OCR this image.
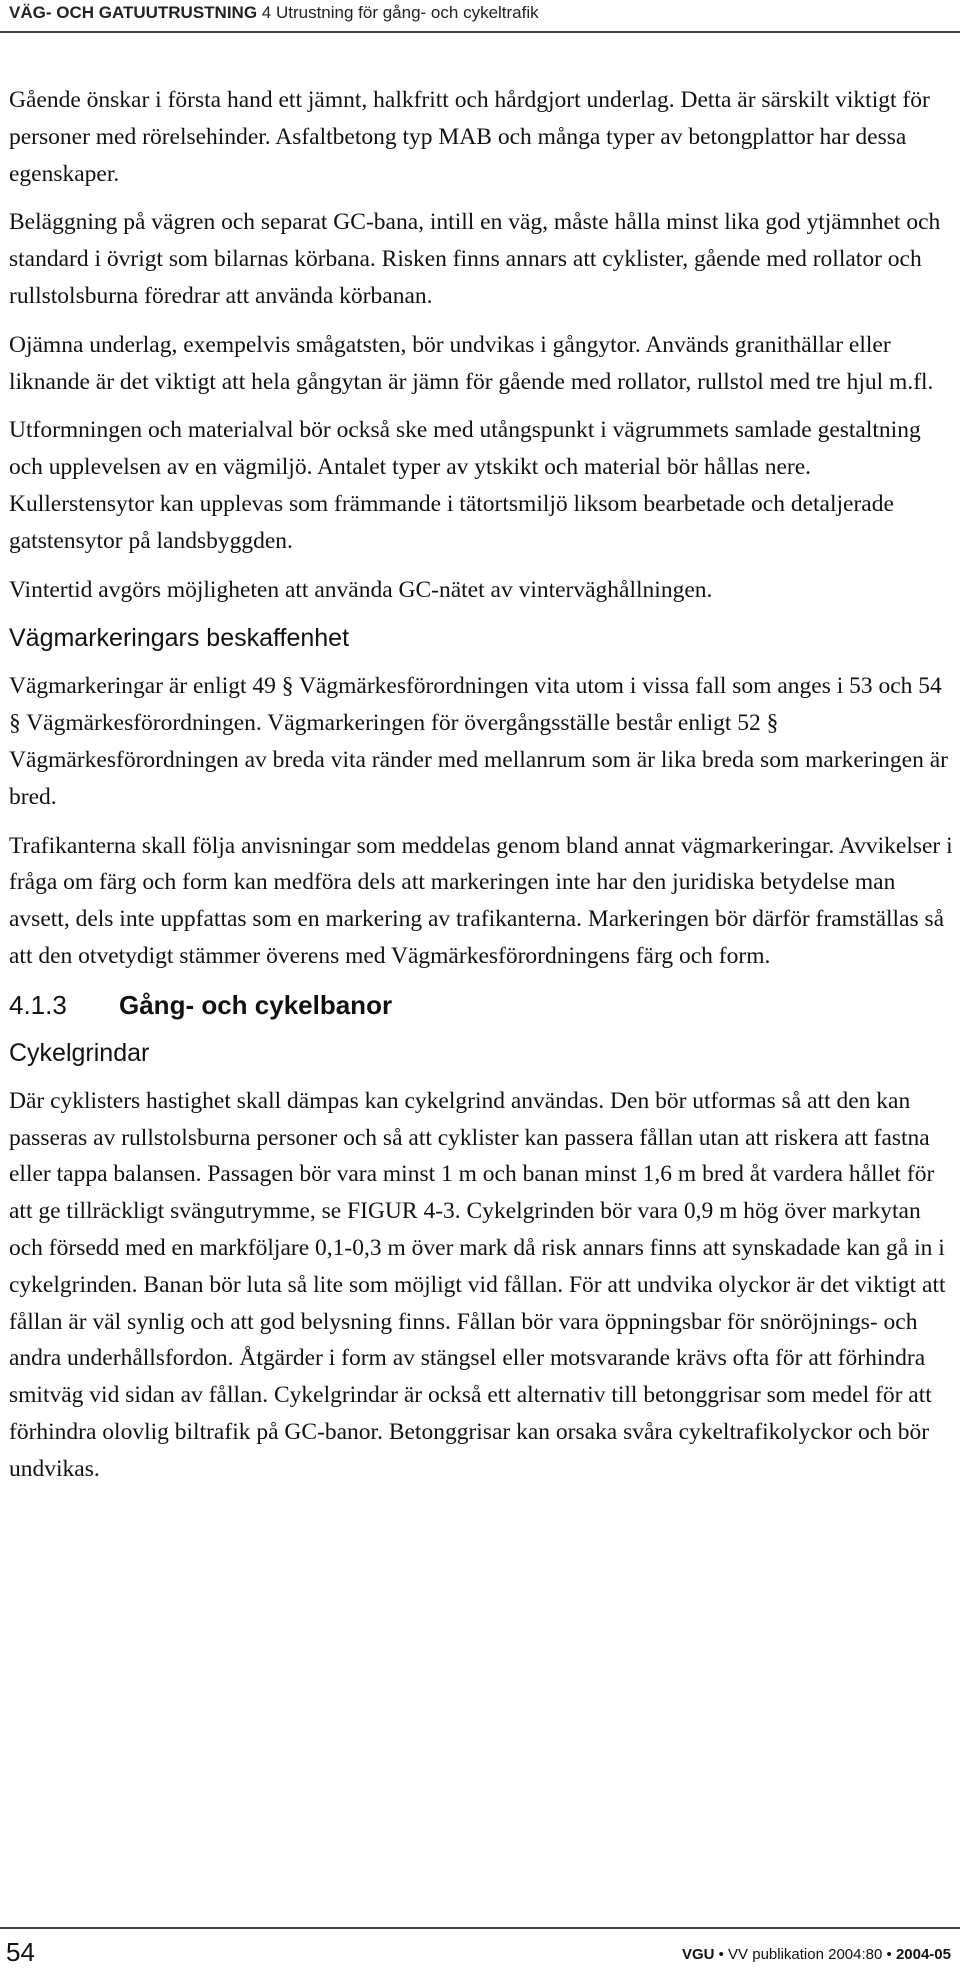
VÄG- OCH GATUUTRUSTNING 4 Utrustning för gång- och cykeltrafik

Gående önskar i första hand ett jämnt, halkfritt och hårdgjort underlag. Detta är särskilt viktigt för personer med rörelsehinder. Asfaltbetong typ MAB och många typer av betongplattor har dessa egenskaper.

Beläggning på vägren och separat GC-bana, intill en väg, måste hålla minst lika god ytjämnhet och standard i övrigt som bilarnas körbana. Risken finns annars att cyklister, gående med rollator och rullstolsburna föredrar att använda körbanan.

Ojämna underlag, exempelvis smågatsten, bör undvikas i gångytor. Används granithällar eller liknande är det viktigt att hela gångytan är jämn för gående med rollator, rullstol med tre hjul m.fl.

Utformningen och materialval bör också ske med utångspunkt i vägrummets samlade gestaltning och upplevelsen av en vägmiljö. Antalet typer av ytskikt och material bör hållas nere. Kullerstensytor kan upplevas som främmande i tätortsmiljö liksom bearbetade och detaljerade gatstensytor på landsbyggden.

Vintertid avgörs möjligheten att använda GC-nätet av vinterväghållningen.

Vägmarkeringars beskaffenhet

Vägmarkeringar är enligt 49 § Vägmärkesförordningen vita utom i vissa fall som anges i 53 och 54 § Vägmärkesförordningen. Vägmarkeringen för övergångsställe består enligt 52 § Vägmärkesförordningen av breda vita ränder med mellanrum som är lika breda som markeringen är bred.

Trafikanterna skall följa anvisningar som meddelas genom bland annat vägmarkeringar. Avvikelser i fråga om färg och form kan medföra dels att markeringen inte har den juridiska betydelse man avsett, dels inte uppfattas som en markering av trafikanterna. Markeringen bör därför framställas så att den otvetydigt stämmer överens med Vägmärkesförordningens färg och form.

4.1.3 Gång- och cykelbanor
Cykelgrindar

Där cyklisters hastighet skall dämpas kan cykelgrind användas. Den bör utformas så att den kan passeras av rullstolsburna personer och så att cyklister kan passera fållan utan att riskera att fastna eller tappa balansen. Passagen bör vara minst 1 m och banan minst 1,6 m bred åt vardera hållet för att ge tillräckligt svängutrymme, se FIGUR 4-3. Cykelgrinden bör vara 0,9 m hög över markytan och försedd med en markföljare 0,1-0,3 m över mark då risk annars finns att synskadade kan gå in i cykelgrinden. Banan bör luta så lite som möjligt vid fållan. För att undvika olyckor är det viktigt att fållan är väl synlig och att god belysning finns. Fållan bör vara öppningsbar för snöröjnings- och andra underhållsfordon. Åtgärder i form av stängsel eller motsvarande krävs ofta för att förhindra smitväg vid sidan av fållan. Cykelgrindar är också ett alternativ till betonggrisar som medel för att förhindra olovlig biltrafik på GC-banor. Betonggrisar kan orsaka svåra cykeltrafikolyckor och bör undvikas.

54	VGU • VV publikation 2004:80 • 2004-05
